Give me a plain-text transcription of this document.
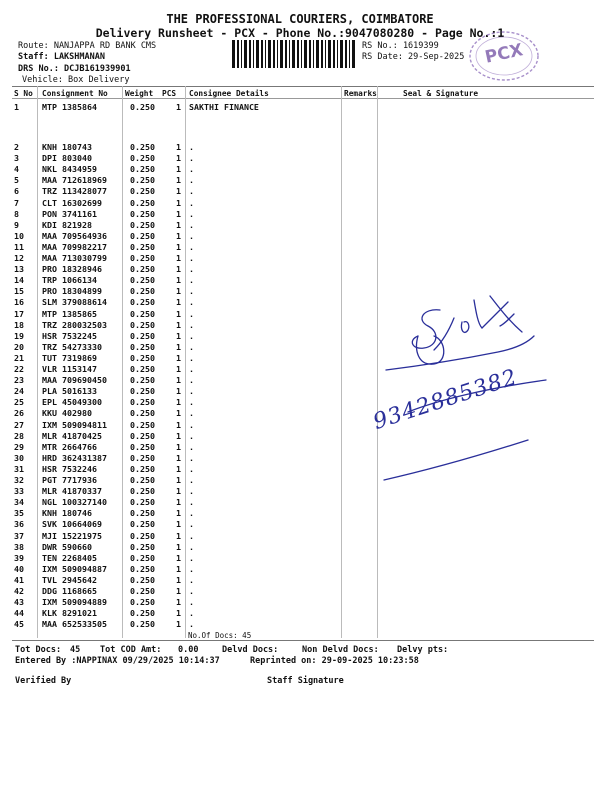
THE PROFESSIONAL COURIERS, COIMBATORE
Delivery Runsheet - PCX - Phone No.:9047080280 - Page No.:1
Route: NANJAPPA RD BANK CMS
Staff: LAKSHMANAN
DRS No.: DCJB161939901
Vehicle: Box Delivery
RS No.: 1619399
RS Date: 29-Sep-2025	PCX
S No Consignment No Weight PCS Consignee Details	Remarks	Seal & Signature
1	MTP 1385864	0.250	1 SAKTHI FINANCE
2	KNH 180743	0.250	1 .
3	DPI 803040	0.250	1 .
4	NKL 8434959	0.250	1 .
5	MAA 712618969	0.250	1 .
6	TRZ 113428077	0.250	1 .
7	CLT 16302699	0.250	1 .
8	PON 3741161	0.250	1 .
9	KDI 821928	0.250	1 .
10 MAA 709564936	0.250	1 .
11 MAA 709982217	0.250	1 .
12 MAA 713030799	0.250	1 .
13 PRO 18328946	0.250	1 .
14 TRP 1066134	0.250	1 .
15 PRO 18304899	0.250	1 .
16 SLM 379088614	0.250	1 .
17 MTP 1385865	0.250	1 .
18 TRZ 280032503	0.250	1 .
19 HSR 7532245	0.250	1 .
20 TRZ 54273330	0.250	1 .
21 TUT 7319869	0.250	1 .
22 VLR 1153147	0.250	1 .
23 MAA 709690450	0.250	1 .
24 PLA 5016133	0.250	1 .
25 EPL 45049300	0.250	1 .
26 KKU 402980	0.250	1 .
27 IXM 509094811	0.250	1 .
28 MLR 41870425	0.250	1 .
29 MTR 2664766	0.250	1 .
30 HRD 362431387	0.250	1 .
31 HSR 7532246	0.250	1 .
32 PGT 7717936	0.250	1 .
33 MLR 41870337	0.250	1 .
34 NGL 100327140	0.250	1 .
35 KNH 180746	0.250	1 .
36 SVK 10664069	0.250	1 .
37 MJI 15221975	0.250	1 .
38 DWR 590660	0.250	1 .
39 TEN 2268405	0.250	1 .
40 IXM 509094887	0.250	1 .
41 TVL 2945642	0.250	1 .
42 DDG 1168665	0.250	1 .
43 IXM 509094889	0.250	1 .
44 KLK 8291021	0.250	1 .
45 MAA 652533505	0.250	1 .
No.Of Docs: 45
Tot Docs: 45 Tot COD Amt: 0.00	Delvd Docs:	Non Delvd Docs: Delvy pts:
Entered By :NAPPINAX 09/29/2025 10:14:37	Reprinted on: 29-09-2025 10:23:58
Verified By	Staff Signature
9342885382
